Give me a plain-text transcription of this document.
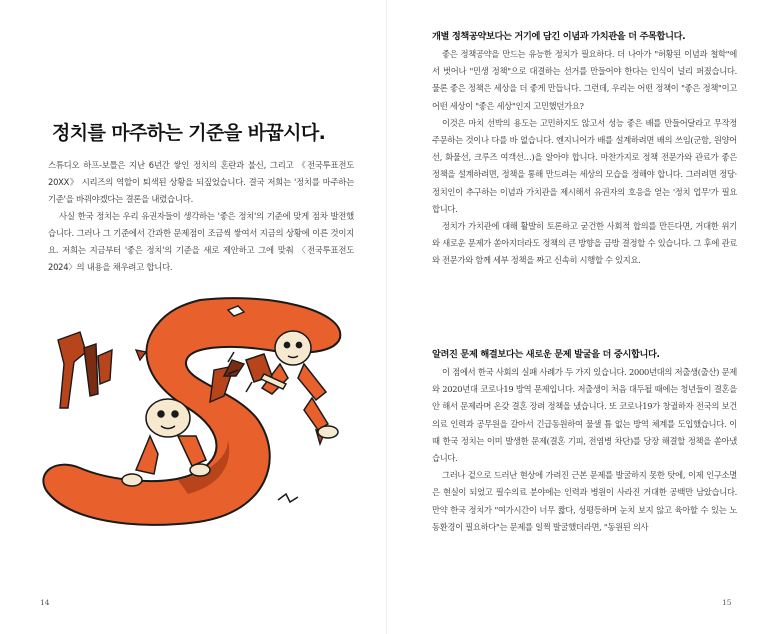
정치를 마주하는 기준을 바꿉시다.

스튜디오 하프-보틀은 지난 6년간 쌓인 정치의 혼란과 불신, 그리고 《전국투표전도 20XX》 시리즈의 역할이 퇴색된 상황을 되짚었습니다. 결국 저희는 '정치를 마주하는 기준'을 바꿔야겠다는 결론을 내렸습니다.

사실 한국 정치는 우리 유권자들이 생각하는 '좋은 정치'의 기준에 맞게 점차 발전했습니다. 그러나 그 기준에서 간과한 문제점이 조금씩 쌓여서 지금의 상황에 이른 것이지요. 저희는 지금부터 '좋은 정치'의 기준을 새로 제안하고 그에 맞춰 〈전국투표전도 2024〉의 내용을 채우려고 합니다.

14
개별 정책공약보다는 거기에 담긴 이념과 가치관을 더 주목합니다.

좋은 정책공약을 만드는 유능한 정치가 필요하다. 더 나아가 "허황된 이념과 철학"에서 벗어나 "민생 정책"으로 대결하는 선거를 만들어야 한다는 인식이 널리 퍼졌습니다. 물론 좋은 정책은 세상을 더 좋게 만듭니다. 그런데, 우리는 어떤 정책이 "좋은 정책"이고 어떤 세상이 "좋은 세상"인지 고민했던가요?

이것은 마치 선박의 용도는 고민하지도 않고서 성능 좋은 배를 만들어달라고 무작정 주문하는 것이나 다를 바 없습니다. 엔지니어가 배를 설계하려면 배의 쓰임(군함, 원양어선, 화물선, 크루즈 여객선…)을 알아야 합니다. 마찬가지로 정책 전문가와 관료가 좋은 정책을 설계하려면, 정책을 통해 만드려는 세상의 모습을 정해야 합니다. 그러려면 정당·정치인이 추구하는 이념과 가치관을 제시해서 유권자의 호응을 얻는 '정치 업무'가 필요합니다.

정치가 가치관에 대해 활발히 토론하고 굳건한 사회적 합의를 만든다면, 거대한 위기와 새로운 문제가 쏟아지더라도 정책의 큰 방향을 금방 결정할 수 있습니다. 그 후에 관료와 전문가와 함께 세부 정책을 짜고 신속히 시행할 수 있지요.

알려진 문제 해결보다는 새로운 문제 발굴을 더 중시합니다.

이 점에서 한국 사회의 실패 사례가 두 가지 있습니다. 2000년대의 저출생(출산) 문제와 2020년대 코로나19 방역 문제입니다. 저출생이 처음 대두될 때에는 청년들이 결혼을 안 해서 문제라며 온갖 결혼 장려 정책을 냈습니다. 또 코로나19가 창궐하자 전국의 보건의료 인력과 공무원을 갈아서 긴급동원하여 물샐 틈 없는 방역 체계를 도입했습니다. 이 때 한국 정치는 이미 발생한 문제(결혼 기피, 전염병 차단)를 당장 해결할 정책을 쏟아냈습니다.

그러나 겉으로 드러난 현상에 가려진 근본 문제를 발굴하지 못한 탓에, 이제 인구소멸은 현실이 되었고 필수의료 분야에는 인력과 병원이 사라진 거대한 공백만 남았습니다. 만약 한국 정치가 "여가시간이 너무 짧다, 성평등하며 눈치 보지 않고 육아할 수 있는 노동환경이 필요하다"는 문제를 일찍 발굴했더라면, "동원된 의사

15
